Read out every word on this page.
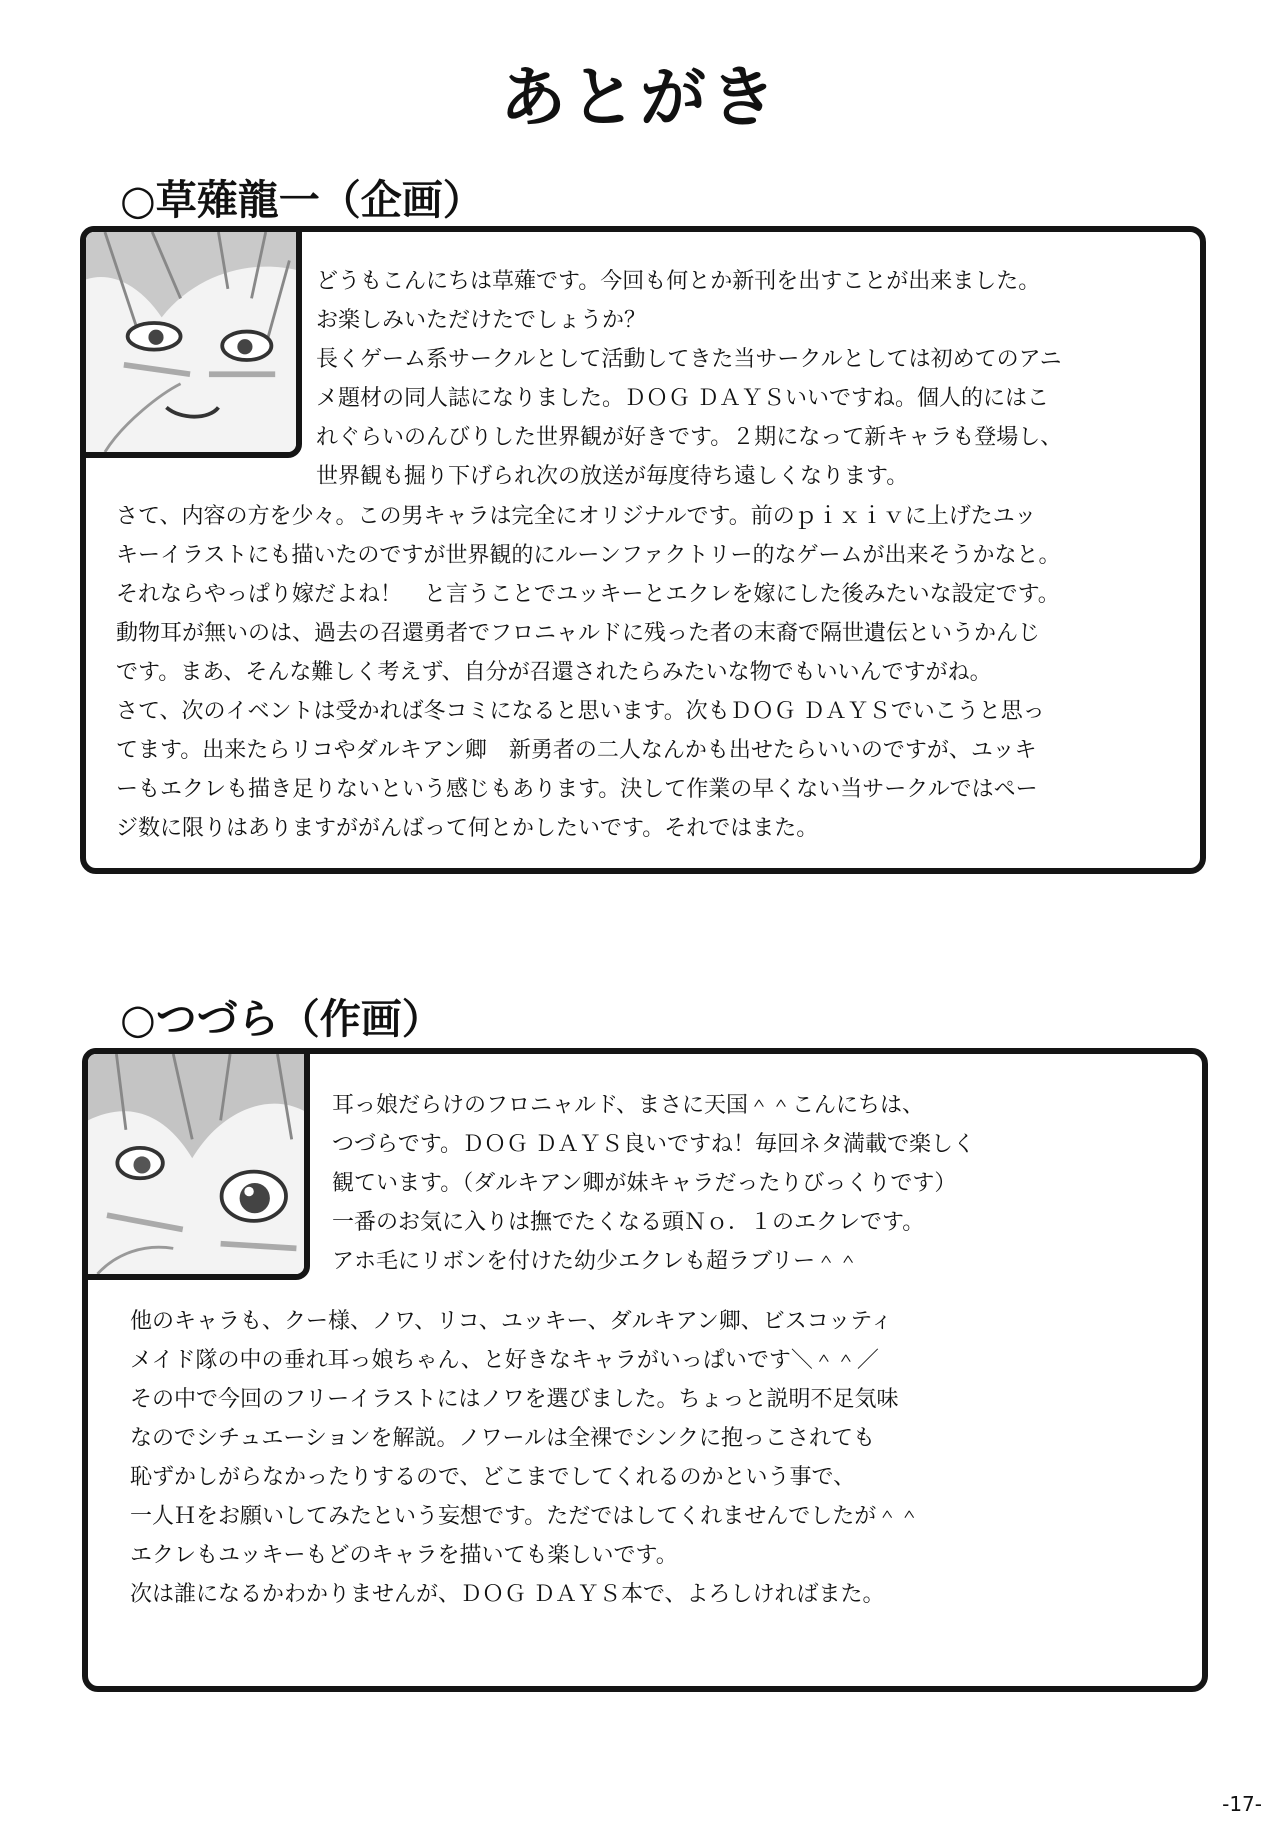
あとがき
○草薙龍一（企画）
どうもこんにちは草薙です。今回も何とか新刊を出すことが出来ました。
お楽しみいただけたでしょうか？
長くゲーム系サークルとして活動してきた当サークルとしては初めてのアニ
メ題材の同人誌になりました。ＤＯＧ ＤＡＹＳいいですね。個人的にはこ
れぐらいのんびりした世界観が好きです。２期になって新キャラも登場し、
世界観も掘り下げられ次の放送が毎度待ち遠しくなります。
さて、内容の方を少々。この男キャラは完全にオリジナルです。前のｐｉｘｉｖに上げたユッ
キーイラストにも描いたのですが世界観的にルーンファクトリー的なゲームが出来そうかなと。
それならやっぱり嫁だよね！　と言うことでユッキーとエクレを嫁にした後みたいな設定です。
動物耳が無いのは、過去の召還勇者でフロニャルドに残った者の末裔で隔世遺伝というかんじ
です。まあ、そんな難しく考えず、自分が召還されたらみたいな物でもいいんですがね。
さて、次のイベントは受かれば冬コミになると思います。次もＤＯＧ ＤＡＹＳでいこうと思っ
てます。出来たらリコやダルキアン卿　新勇者の二人なんかも出せたらいいのですが、ユッキ
ーもエクレも描き足りないという感じもあります。決して作業の早くない当サークルではペー
ジ数に限りはありますががんばって何とかしたいです。それではまた。
○つづら（作画）
耳っ娘だらけのフロニャルド、まさに天国＾＾こんにちは、
つづらです。ＤＯＧ ＤＡＹＳ良いですね！毎回ネタ満載で楽しく
観ています。（ダルキアン卿が妹キャラだったりびっくりです）
一番のお気に入りは撫でたくなる頭Ｎｏ．１のエクレです。
アホ毛にリボンを付けた幼少エクレも超ラブリー＾＾
他のキャラも、クー様、ノワ、リコ、ユッキー、ダルキアン卿、ビスコッティ
メイド隊の中の垂れ耳っ娘ちゃん、と好きなキャラがいっぱいです＼＾＾／
その中で今回のフリーイラストにはノワを選びました。ちょっと説明不足気味
なのでシチュエーションを解説。ノワールは全裸でシンクに抱っこされても
恥ずかしがらなかったりするので、どこまでしてくれるのかという事で、
一人Ｈをお願いしてみたという妄想です。ただではしてくれませんでしたが＾＾
エクレもユッキーもどのキャラを描いても楽しいです。
次は誰になるかわかりませんが、ＤＯＧ ＤＡＹＳ本で、よろしければまた。
-17-
